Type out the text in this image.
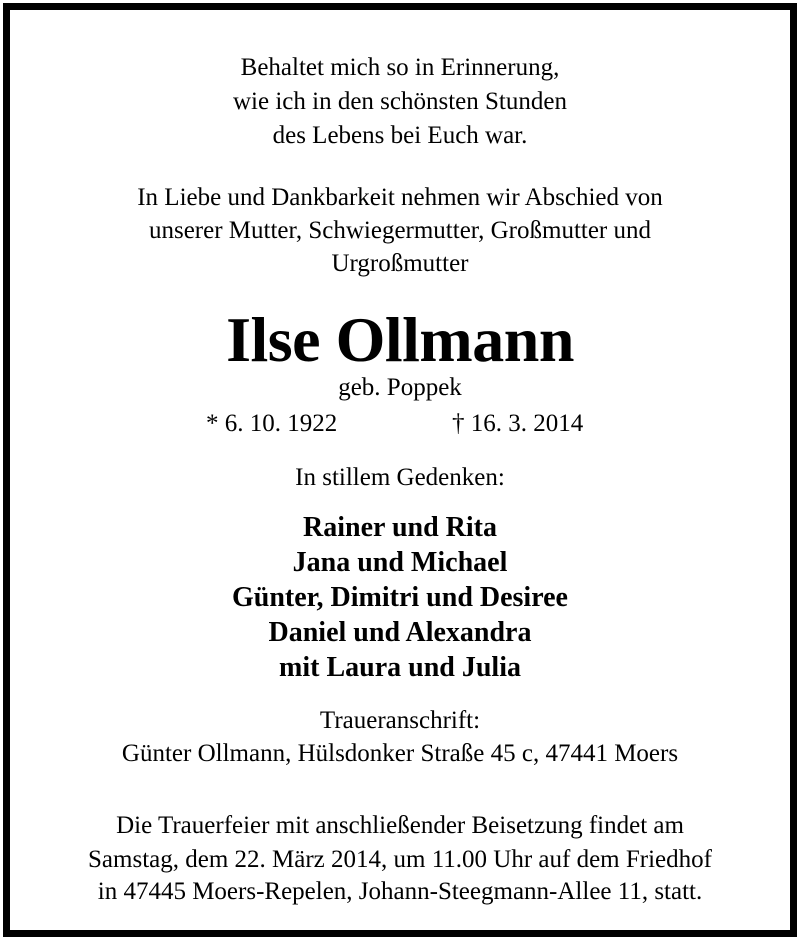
Behaltet mich so in Erinnerung,
wie ich in den schönsten Stunden
des Lebens bei Euch war.
In Liebe und Dankbarkeit nehmen wir Abschied von
unserer Mutter, Schwiegermutter, Großmutter und
Urgroßmutter
Ilse Ollmann
geb. Poppek
* 6. 10. 1922	† 16. 3. 2014
In stillem Gedenken:
Rainer und Rita
Jana und Michael
Günter, Dimitri und Desiree
Daniel und Alexandra
mit Laura und Julia
Traueranschrift:
Günter Ollmann, Hülsdonker Straße 45 c, 47441 Moers
Die Trauerfeier mit anschließender Beisetzung findet am
Samstag, dem 22. März 2014, um 11.00 Uhr auf dem Friedhof
in 47445 Moers-Repelen, Johann-Steegmann-Allee 11, statt.
